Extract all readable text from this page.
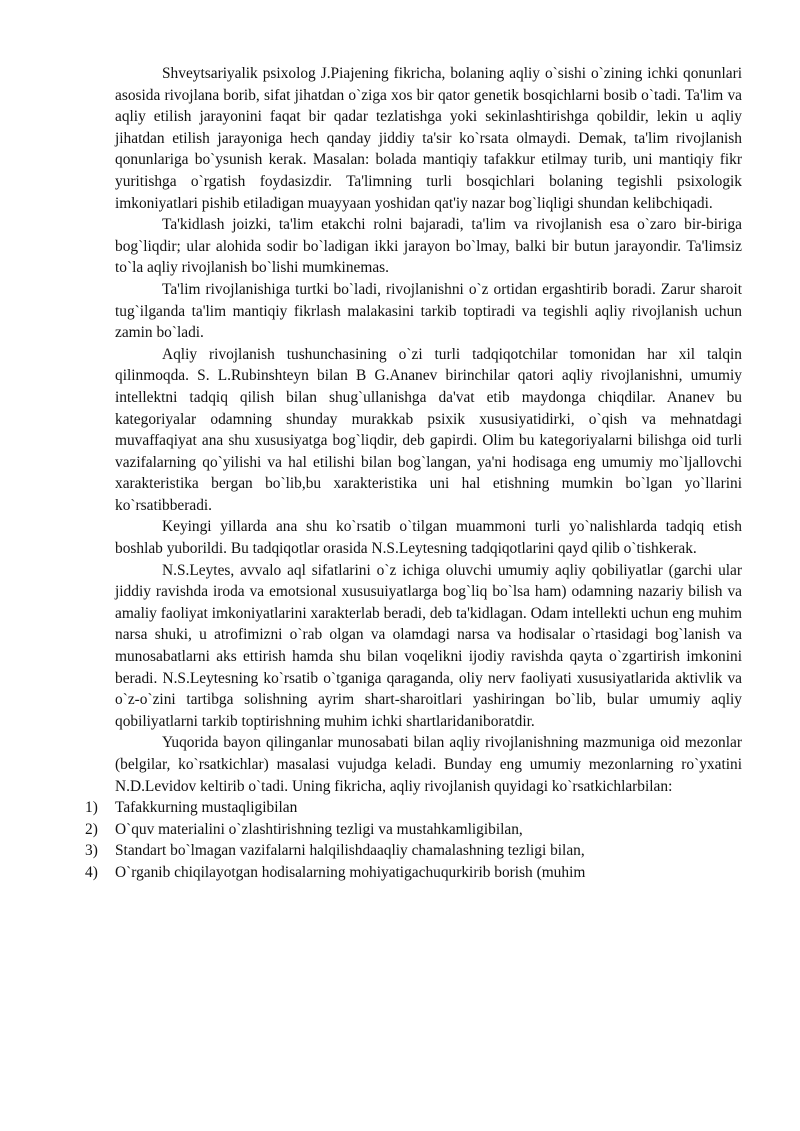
Shveytsariyalik psixolog J.Piajening fikricha, bolaning aqliy o`sishi o`zining ichki qonunlari asosida rivojlana borib, sifat jihatdan o`ziga xos bir qator genetik bosqichlarni bosib o`tadi. Ta'lim va aqliy etilish jarayonini faqat bir qadar tezlatishga yoki sekinlashtirishga qobildir, lekin u aqliy jihatdan etilish jarayoniga hech qanday jiddiy ta'sir ko`rsata olmaydi. Demak, ta'lim rivojlanish qonunlariga bo`ysunish kerak. Masalan: bolada mantiqiy tafakkur etilmay turib, uni mantiqiy fikr yuritishga o`rgatish foydasizdir. Ta'limning turli bosqichlari bolaning tegishli psixologik imkoniyatlari pishib etiladigan muayyaan yoshidan qat'iy nazar bog`liqligi shundan kelibchiqadi.

Ta'kidlash joizki, ta'lim etakchi rolni bajaradi, ta'lim va rivojlanish esa o`zaro bir-biriga bog`liqdir; ular alohida sodir bo`ladigan ikki jarayon bo`lmay, balki bir butun jarayondir. Ta'limsiz to`la aqliy rivojlanish bo`lishi mumkinemas.

Ta'lim rivojlanishiga turtki bo`ladi, rivojlanishni o`z ortidan ergashtirib boradi. Zarur sharoit tug`ilganda ta'lim mantiqiy fikrlash malakasini tarkib toptiradi va tegishli aqliy rivojlanish uchun zamin bo`ladi.

Aqliy rivojlanish tushunchasining o`zi turli tadqiqotchilar tomonidan har xil talqin qilinmoqda. S. L.Rubinshteyn bilan B G.Ananev birinchilar qatori aqliy rivojlanishni, umumiy intellektni tadqiq qilish bilan shug`ullanishga da'vat etib maydonga chiqdilar. Ananev bu kategoriyalar odamning shunday murakkab psixik xususiyatidirki, o`qish va mehnatdagi muvaffaqiyat ana shu xususiyatga bog`liqdir, deb gapirdi. Olim bu kategoriyalarni bilishga oid turli vazifalarning qo`yilishi va hal etilishi bilan bog`langan, ya'ni hodisaga eng umumiy mo`ljallovchi xarakteristika bergan bo`lib,bu xarakteristika uni hal etishning mumkin bo`lgan yo`llarini ko`rsatibberadi.

Keyingi yillarda ana shu ko`rsatib o`tilgan muammoni turli yo`nalishlarda tadqiq etish boshlab yuborildi. Bu tadqiqotlar orasida N.S.Leytesning tadqiqotlarini qayd qilib o`tishkerak.

N.S.Leytes, avvalo aql sifatlarini o`z ichiga oluvchi umumiy aqliy qobiliyatlar (garchi ular jiddiy ravishda iroda va emotsional xususuiyatlarga bog`liq bo`lsa ham) odamning nazariy bilish va amaliy faoliyat imkoniyatlarini xarakterlab beradi, deb ta'kidlagan. Odam intellekti uchun eng muhim narsa shuki, u atrofimizni o`rab olgan va olamdagi narsa va hodisalar o`rtasidagi bog`lanish va munosabatlarni aks ettirish hamda shu bilan voqelikni ijodiy ravishda qayta o`zgartirish imkonini beradi. N.S.Leytesning ko`rsatib o`tganiga qaraganda, oliy nerv faoliyati xususiyatlarida aktivlik va o`z-o`zini tartibga solishning ayrim shart-sharoitlari yashiringan bo`lib, bular umumiy aqliy qobiliyatlarni tarkib toptirishning muhim ichki shartlaridaniboratdir.

Yuqorida bayon qilinganlar munosabati bilan aqliy rivojlanishning mazmuniga oid mezonlar (belgilar, ko`rsatkichlar) masalasi vujudga keladi. Bunday eng umumiy mezonlarning ro`yxatini N.D.Levidov keltirib o`tadi. Uning fikricha, aqliy rivojlanish quyidagi ko`rsatkichlarbilan:

1)	Tafakkurning mustaqligibilan
2)	O`quv materialini o`zlashtirishning tezligi va mustahkamligibilan,
3)	Standart bo`lmagan vazifalarni halqilishdaaqliy chamalashning tezligi bilan,
4)	O`rganib chiqilayotgan hodisalarning mohiyatigachuqurkirib borish (muhim
